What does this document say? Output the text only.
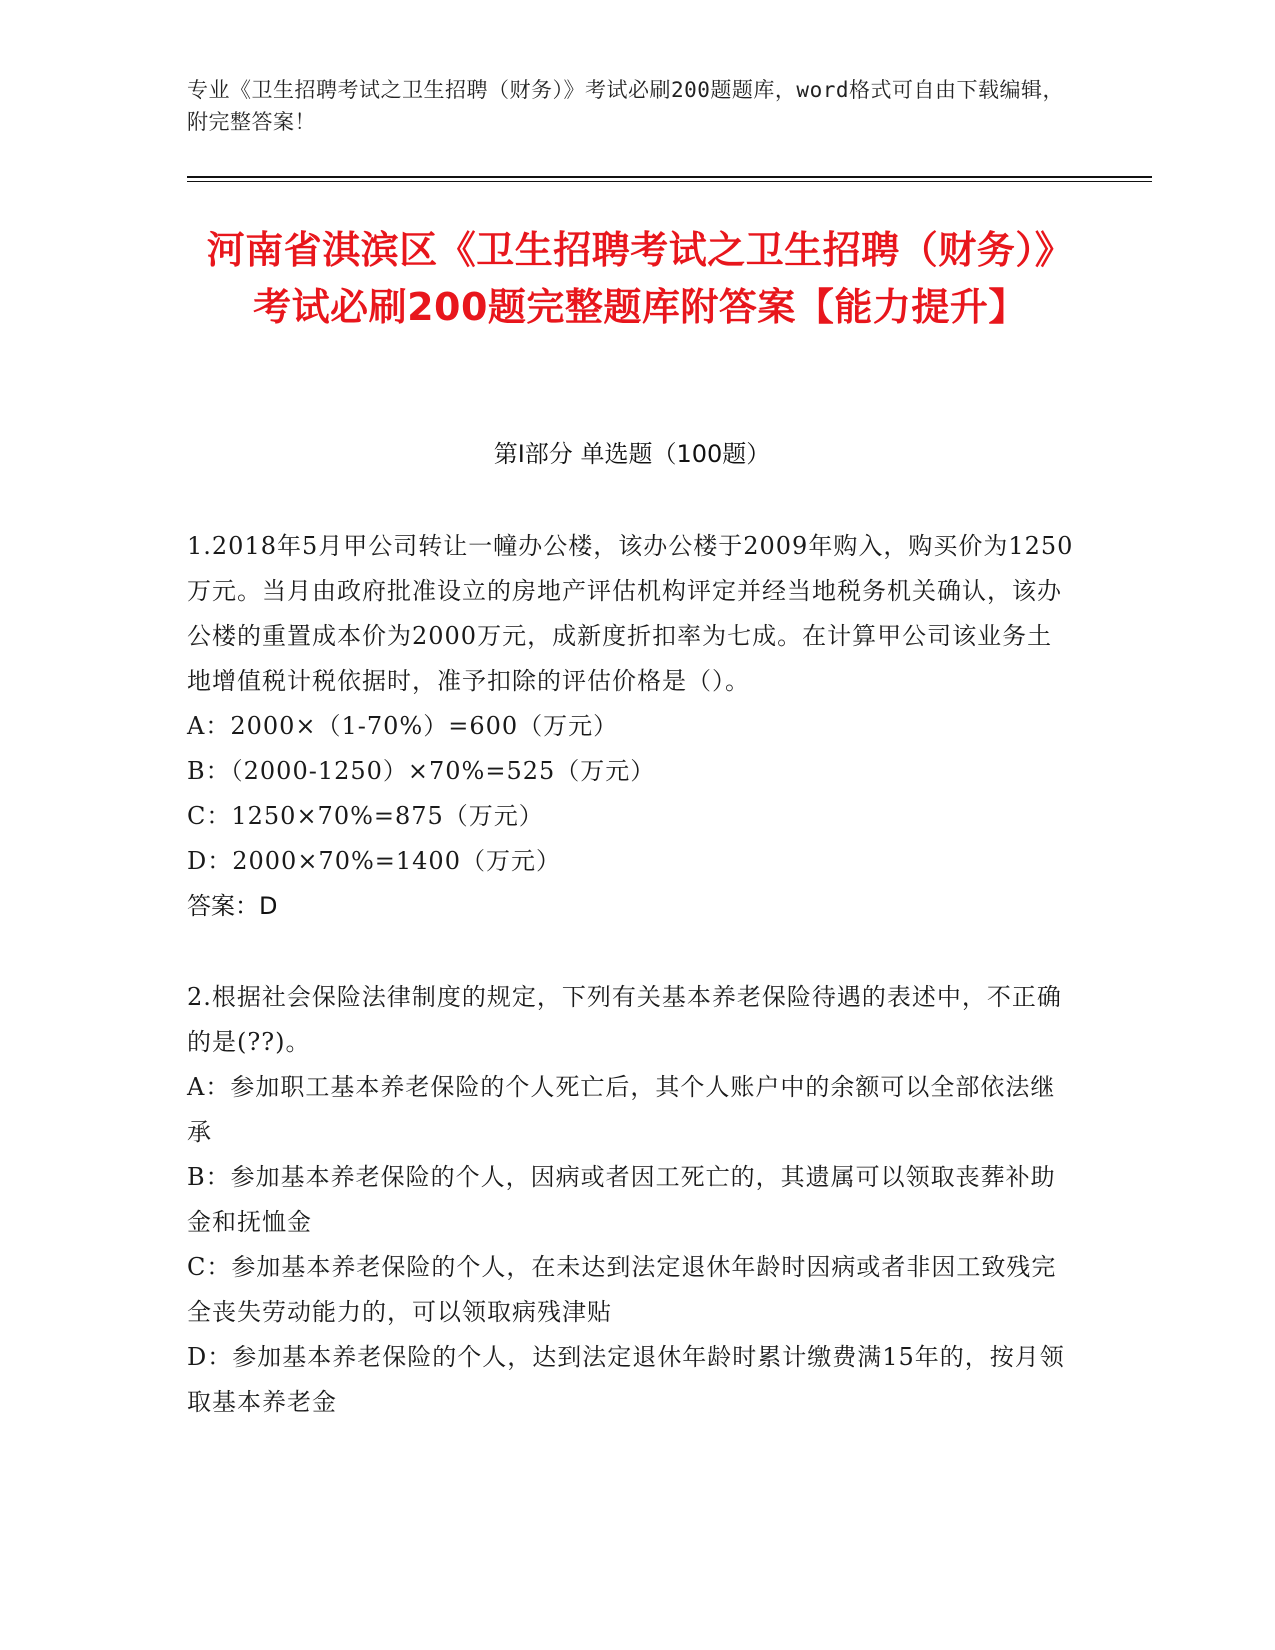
专业《卫生招聘考试之卫生招聘（财务）》考试必刷200题题库，word格式可自由下载编辑，附完整答案！
河南省淇滨区《卫生招聘考试之卫生招聘（财务）》考试必刷200题完整题库附答案【能力提升】
第Ⅰ部分 单选题（100题）

1.2018年5月甲公司转让一幢办公楼，该办公楼于2009年购入，购买价为1250万元。当月由政府批准设立的房地产评估机构评定并经当地税务机关确认，该办公楼的重置成本价为2000万元，成新度折扣率为七成。在计算甲公司该业务土地增值税计税依据时，准予扣除的评估价格是（）。

A：2000×（1-70%）=600（万元）

B：（2000-1250）×70%=525（万元）

C：1250×70%=875（万元）

D：2000×70%=1400（万元）

答案：D

2.根据社会保险法律制度的规定，下列有关基本养老保险待遇的表述中，不正确的是(??)。

A：参加职工基本养老保险的个人死亡后，其个人账户中的余额可以全部依法继承

B：参加基本养老保险的个人，因病或者因工死亡的，其遗属可以领取丧葬补助金和抚恤金

C：参加基本养老保险的个人，在未达到法定退休年龄时因病或者非因工致残完全丧失劳动能力的，可以领取病残津贴

D：参加基本养老保险的个人，达到法定退休年龄时累计缴费满15年的，按月领取基本养老金
